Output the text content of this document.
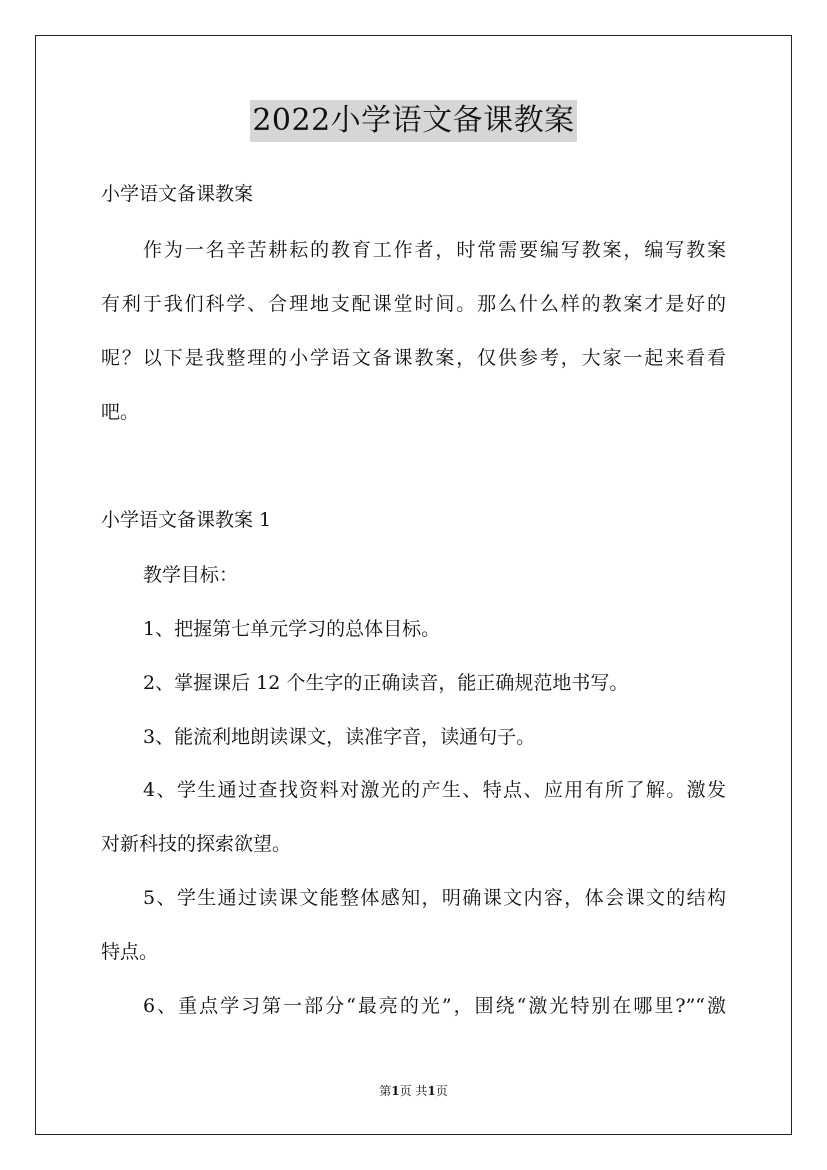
2022小学语文备课教案
小学语文备课教案
作为一名辛苦耕耘的教育工作者，时常需要编写教案，编写教案
有利于我们科学、合理地支配课堂时间。那么什么样的教案才是好的
呢？以下是我整理的小学语文备课教案，仅供参考，大家一起来看看
吧。
小学语文备课教案 1
教学目标：
1、把握第七单元学习的总体目标。
2、掌握课后 12 个生字的正确读音，能正确规范地书写。
3、能流利地朗读课文，读准字音，读通句子。
4、学生通过查找资料对激光的产生、特点、应用有所了解。激发
对新科技的探索欲望。
5、学生通过读课文能整体感知，明确课文内容，体会课文的结构
特点。
6、重点学习第一部分“最亮的光”，围绕“激光特别在哪里?”“激
第1页 共1页
